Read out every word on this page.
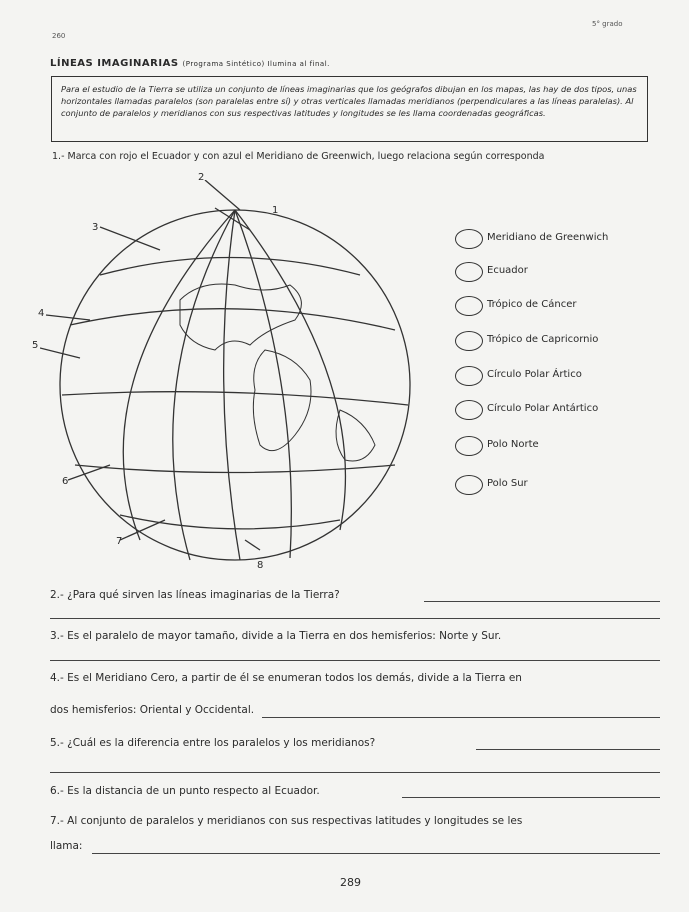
260
5° grado
LÍNEAS IMAGINARIAS (Programa Sintético) Ilumina al final.
Para el estudio de la Tierra se utiliza un conjunto de líneas imaginarias que los geógrafos dibujan en los mapas, las hay de dos tipos, unas horizontales llamadas paralelos (son paralelas entre sí) y otras verticales llamadas meridianos (perpendiculares a las líneas paralelas). Al conjunto de paralelos y meridianos con sus respectivas latitudes y longitudes se les llama coordenadas geográficas.
1.- Marca con rojo el Ecuador y con azul el Meridiano de Greenwich, luego relaciona según corresponda
1
2
3
4
5
6
7
8
Meridiano de Greenwich
Ecuador
Trópico de Cáncer
Trópico de Capricornio
Círculo Polar Ártico
Círculo Polar Antártico
Polo Norte
Polo Sur
2.- ¿Para qué sirven las líneas imaginarias de la Tierra?
3.- Es el paralelo de mayor tamaño, divide a la Tierra en dos hemisferios: Norte y Sur.
4.- Es el Meridiano Cero, a partir de él se enumeran todos los demás, divide a la Tierra en
dos hemisferios: Oriental y Occidental.
5.- ¿Cuál es la diferencia entre los paralelos y los meridianos?
6.- Es la distancia de un punto respecto al Ecuador.
7.- Al conjunto de paralelos y meridianos con sus respectivas latitudes y longitudes se les
llama:
289
